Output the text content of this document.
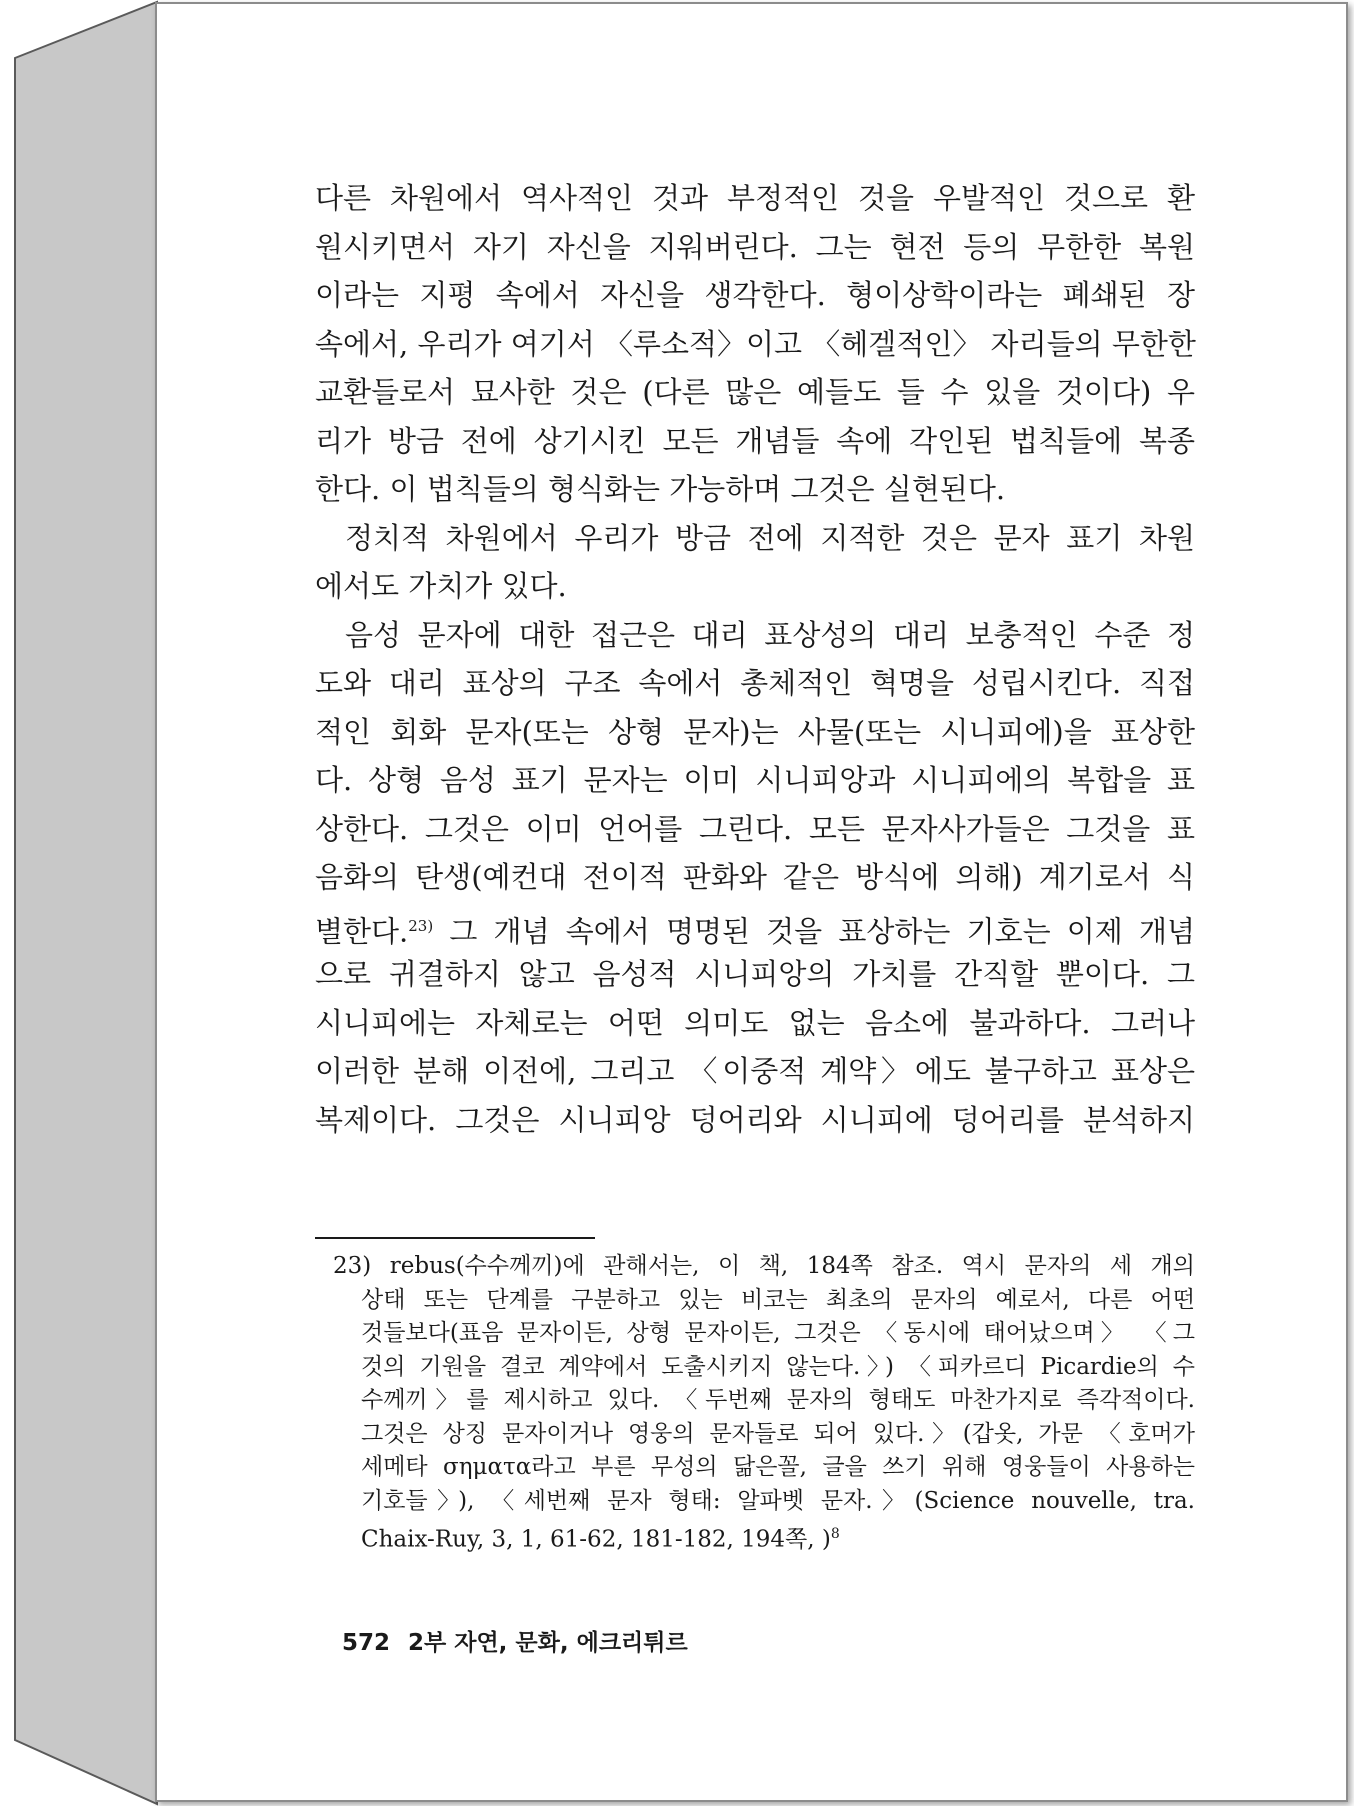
다른 차원에서 역사적인 것과 부정적인 것을 우발적인 것으로 환
원시키면서 자기 자신을 지워버린다. 그는 현전 등의 무한한 복원
이라는 지평 속에서 자신을 생각한다. 형이상학이라는 폐쇄된 장
속에서, 우리가 여기서 〈루소적〉이고 〈헤겔적인〉 자리들의 무한한
교환들로서 묘사한 것은 (다른 많은 예들도 들 수 있을 것이다) 우
리가 방금 전에 상기시킨 모든 개념들 속에 각인된 법칙들에 복종
한다. 이 법칙들의 형식화는 가능하며 그것은 실현된다.
정치적 차원에서 우리가 방금 전에 지적한 것은 문자 표기 차원
에서도 가치가 있다.
음성 문자에 대한 접근은 대리 표상성의 대리 보충적인 수준 정
도와 대리 표상의 구조 속에서 총체적인 혁명을 성립시킨다. 직접
적인 회화 문자(또는 상형 문자)는 사물(또는 시니피에)을 표상한
다. 상형 음성 표기 문자는 이미 시니피앙과 시니피에의 복합을 표
상한다. 그것은 이미 언어를 그린다. 모든 문자사가들은 그것을 표
음화의 탄생(예컨대 전이적 판화와 같은 방식에 의해) 계기로서 식
별한다.$^{23)}$ 그 개념 속에서 명명된 것을 표상하는 기호는 이제 개념
으로 귀결하지 않고 음성적 시니피앙의 가치를 간직할 뿐이다. 그
시니피에는 자체로는 어떤 의미도 없는 음소에 불과하다. 그러나
이러한 분해 이전에, 그리고 〈이중적 계약〉에도 불구하고 표상은
복제이다. 그것은 시니피앙 덩어리와 시니피에 덩어리를 분석하지
23) rebus(수수께끼)에 관해서는, 이 책, 184쪽 참조. 역시 문자의 세 개의
상태 또는 단계를 구분하고 있는 비코는 최초의 문자의 예로서, 다른 어떤
것들보다(표음 문자이든, 상형 문자이든, 그것은 〈동시에 태어났으며〉 〈그
것의 기원을 결코 계약에서 도출시키지 않는다.〉) 〈피카르디 Picardie의 수
수께끼〉를 제시하고 있다. 〈두번째 문자의 형태도 마찬가지로 즉각적이다.
그것은 상징 문자이거나 영웅의 문자들로 되어 있다.〉(갑옷, 가문 〈호머가
세메타 σηματα라고 부른 무성의 닮은꼴, 글을 쓰기 위해 영웅들이 사용하는
기호들〉), 〈세번째 문자 형태: 알파벳 문자.〉(Science nouvelle, tra.
Chaix-Ruy, 3, 1, 61-62, 181-182, 194쪽, )$^8$
572 2부 자연, 문화, 에크리튀르
